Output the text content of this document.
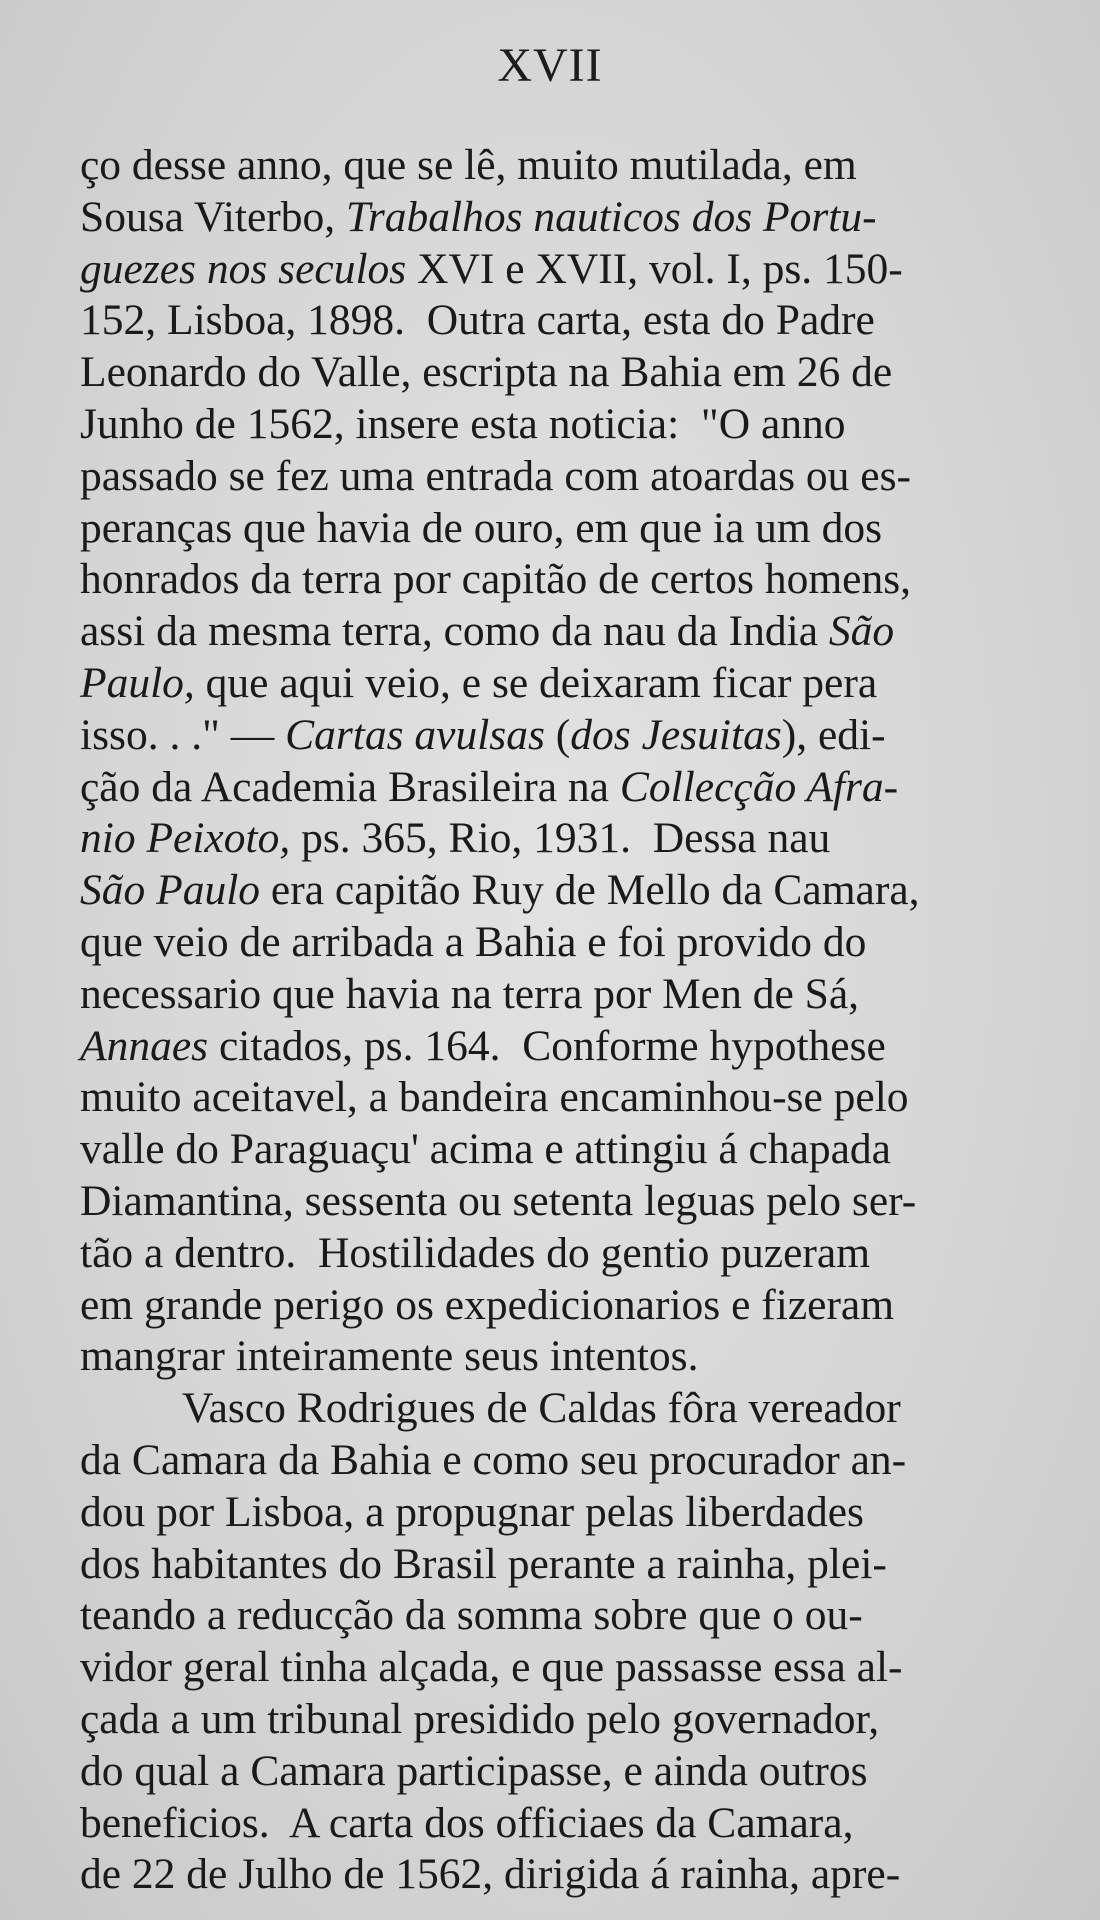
XVII
ço desse anno, que se lê, muito mutilada, em
Sousa Viterbo, Trabalhos nauticos dos Portu-
guezes nos seculos XVI e XVII, vol. I, ps. 150-
152, Lisboa, 1898.  Outra carta, esta do Padre
Leonardo do Valle, escripta na Bahia em 26 de
Junho de 1562, insere esta noticia:  "O anno
passado se fez uma entrada com atoardas ou es-
peranças que havia de ouro, em que ia um dos
honrados da terra por capitão de certos homens,
assi da mesma terra, como da nau da India São
Paulo, que aqui veio, e se deixaram ficar pera
isso. . ." — Cartas avulsas (dos Jesuitas), edi-
ção da Academia Brasileira na Collecção Afra-
nio Peixoto, ps. 365, Rio, 1931.  Dessa nau
São Paulo era capitão Ruy de Mello da Camara,
que veio de arribada a Bahia e foi provido do
necessario que havia na terra por Men de Sá,
Annaes citados, ps. 164.  Conforme hypothese
muito aceitavel, a bandeira encaminhou-se pelo
valle do Paraguaçu' acima e attingiu á chapada
Diamantina, sessenta ou setenta leguas pelo ser-
tão a dentro.  Hostilidades do gentio puzeram
em grande perigo os expedicionarios e fizeram
mangrar inteiramente seus intentos.
Vasco Rodrigues de Caldas fôra vereador
da Camara da Bahia e como seu procurador an-
dou por Lisboa, a propugnar pelas liberdades
dos habitantes do Brasil perante a rainha, plei-
teando a reducção da somma sobre que o ou-
vidor geral tinha alçada, e que passasse essa al-
çada a um tribunal presidido pelo governador,
do qual a Camara participasse, e ainda outros
beneficios.  A carta dos officiaes da Camara,
de 22 de Julho de 1562, dirigida á rainha, apre-
